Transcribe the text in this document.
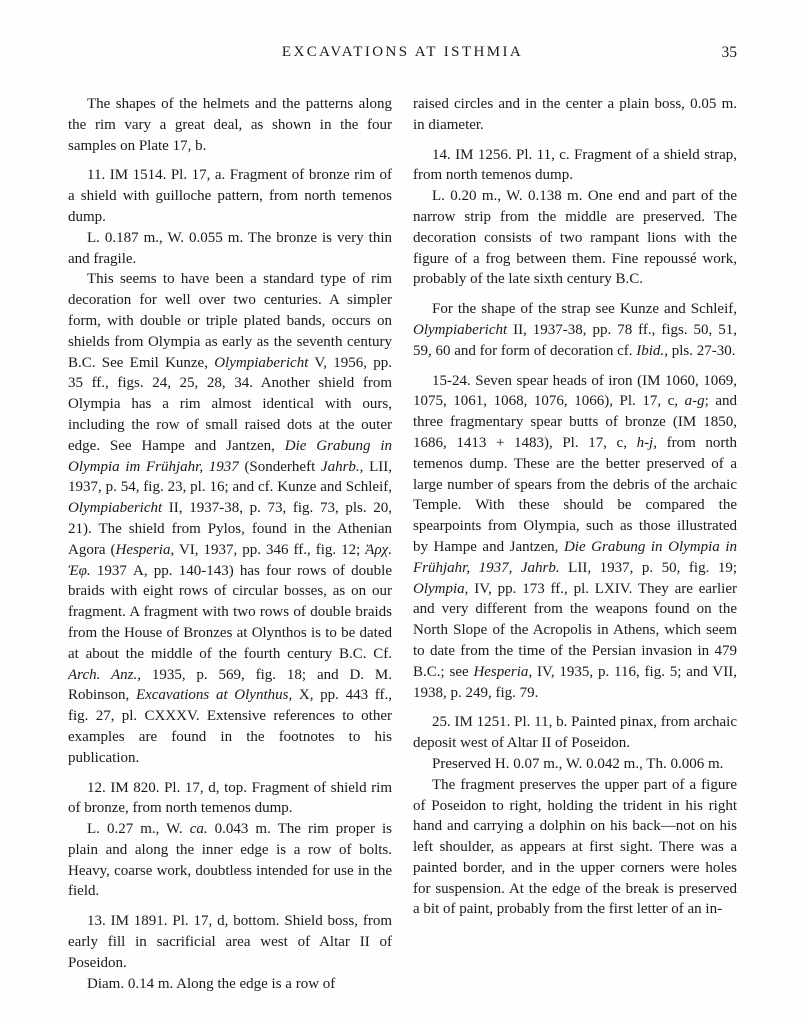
EXCAVATIONS AT ISTHMIA	35

The shapes of the helmets and the patterns along the rim vary a great deal, as shown in the four samples on Plate 17, b.

11. IM 1514. Pl. 17, a. Fragment of bronze rim of a shield with guilloche pattern, from north temenos dump.

L. 0.187 m., W. 0.055 m. The bronze is very thin and fragile.

This seems to have been a standard type of rim decoration for well over two centuries. A simpler form, with double or triple plated bands, occurs on shields from Olympia as early as the seventh century B.C. See Emil Kunze, Olympiabericht V, 1956, pp. 35 ff., figs. 24, 25, 28, 34. Another shield from Olympia has a rim almost identical with ours, including the row of small raised dots at the outer edge. See Hampe and Jantzen, Die Grabung in Olympia im Frühjahr, 1937 (Sonderheft Jahrb., LII, 1937, p. 54, fig. 23, pl. 16; and cf. Kunze and Schleif, Olympiabericht II, 1937-38, p. 73, fig. 73, pls. 20, 21). The shield from Pylos, found in the Athenian Agora (Hesperia, VI, 1937, pp. 346 ff., fig. 12; Ἀρχ. Ἐφ. 1937 A, pp. 140-143) has four rows of double braids with eight rows of circular bosses, as on our fragment. A fragment with two rows of double braids from the House of Bronzes at Olynthos is to be dated at about the middle of the fourth century B.C. Cf. Arch. Anz., 1935, p. 569, fig. 18; and D. M. Robinson, Excavations at Olynthus, X, pp. 443 ff., fig. 27, pl. CXXXV. Extensive references to other examples are found in the footnotes to his publication.

12. IM 820. Pl. 17, d, top. Fragment of shield rim of bronze, from north temenos dump.

L. 0.27 m., W. ca. 0.043 m. The rim proper is plain and along the inner edge is a row of bolts. Heavy, coarse work, doubtless intended for use in the field.

13. IM 1891. Pl. 17, d, bottom. Shield boss, from early fill in sacrificial area west of Altar II of Poseidon.

Diam. 0.14 m. Along the edge is a row of

raised circles and in the center a plain boss, 0.05 m. in diameter.

14. IM 1256. Pl. 11, c. Fragment of a shield strap, from north temenos dump.

L. 0.20 m., W. 0.138 m. One end and part of the narrow strip from the middle are preserved. The decoration consists of two rampant lions with the figure of a frog between them. Fine repoussé work, probably of the late sixth century B.C.

For the shape of the strap see Kunze and Schleif, Olympiabericht II, 1937-38, pp. 78 ff., figs. 50, 51, 59, 60 and for form of decoration cf. Ibid., pls. 27-30.

15-24. Seven spear heads of iron (IM 1060, 1069, 1075, 1061, 1068, 1076, 1066), Pl. 17, c, a-g; and three fragmentary spear butts of bronze (IM 1850, 1686, 1413 + 1483), Pl. 17, c, h-j, from north temenos dump. These are the better preserved of a large number of spears from the debris of the archaic Temple. With these should be compared the spearpoints from Olympia, such as those illustrated by Hampe and Jantzen, Die Grabung in Olympia in Frühjahr, 1937, Jahrb. LII, 1937, p. 50, fig. 19; Olympia, IV, pp. 173 ff., pl. LXIV. They are earlier and very different from the weapons found on the North Slope of the Acropolis in Athens, which seem to date from the time of the Persian invasion in 479 B.C.; see Hesperia, IV, 1935, p. 116, fig. 5; and VII, 1938, p. 249, fig. 79.

25. IM 1251. Pl. 11, b. Painted pinax, from archaic deposit west of Altar II of Poseidon.

Preserved H. 0.07 m., W. 0.042 m., Th. 0.006 m.

The fragment preserves the upper part of a figure of Poseidon to right, holding the trident in his right hand and carrying a dolphin on his back—not on his left shoulder, as appears at first sight. There was a painted border, and in the upper corners were holes for suspension. At the edge of the break is preserved a bit of paint, probably from the first letter of an in-
